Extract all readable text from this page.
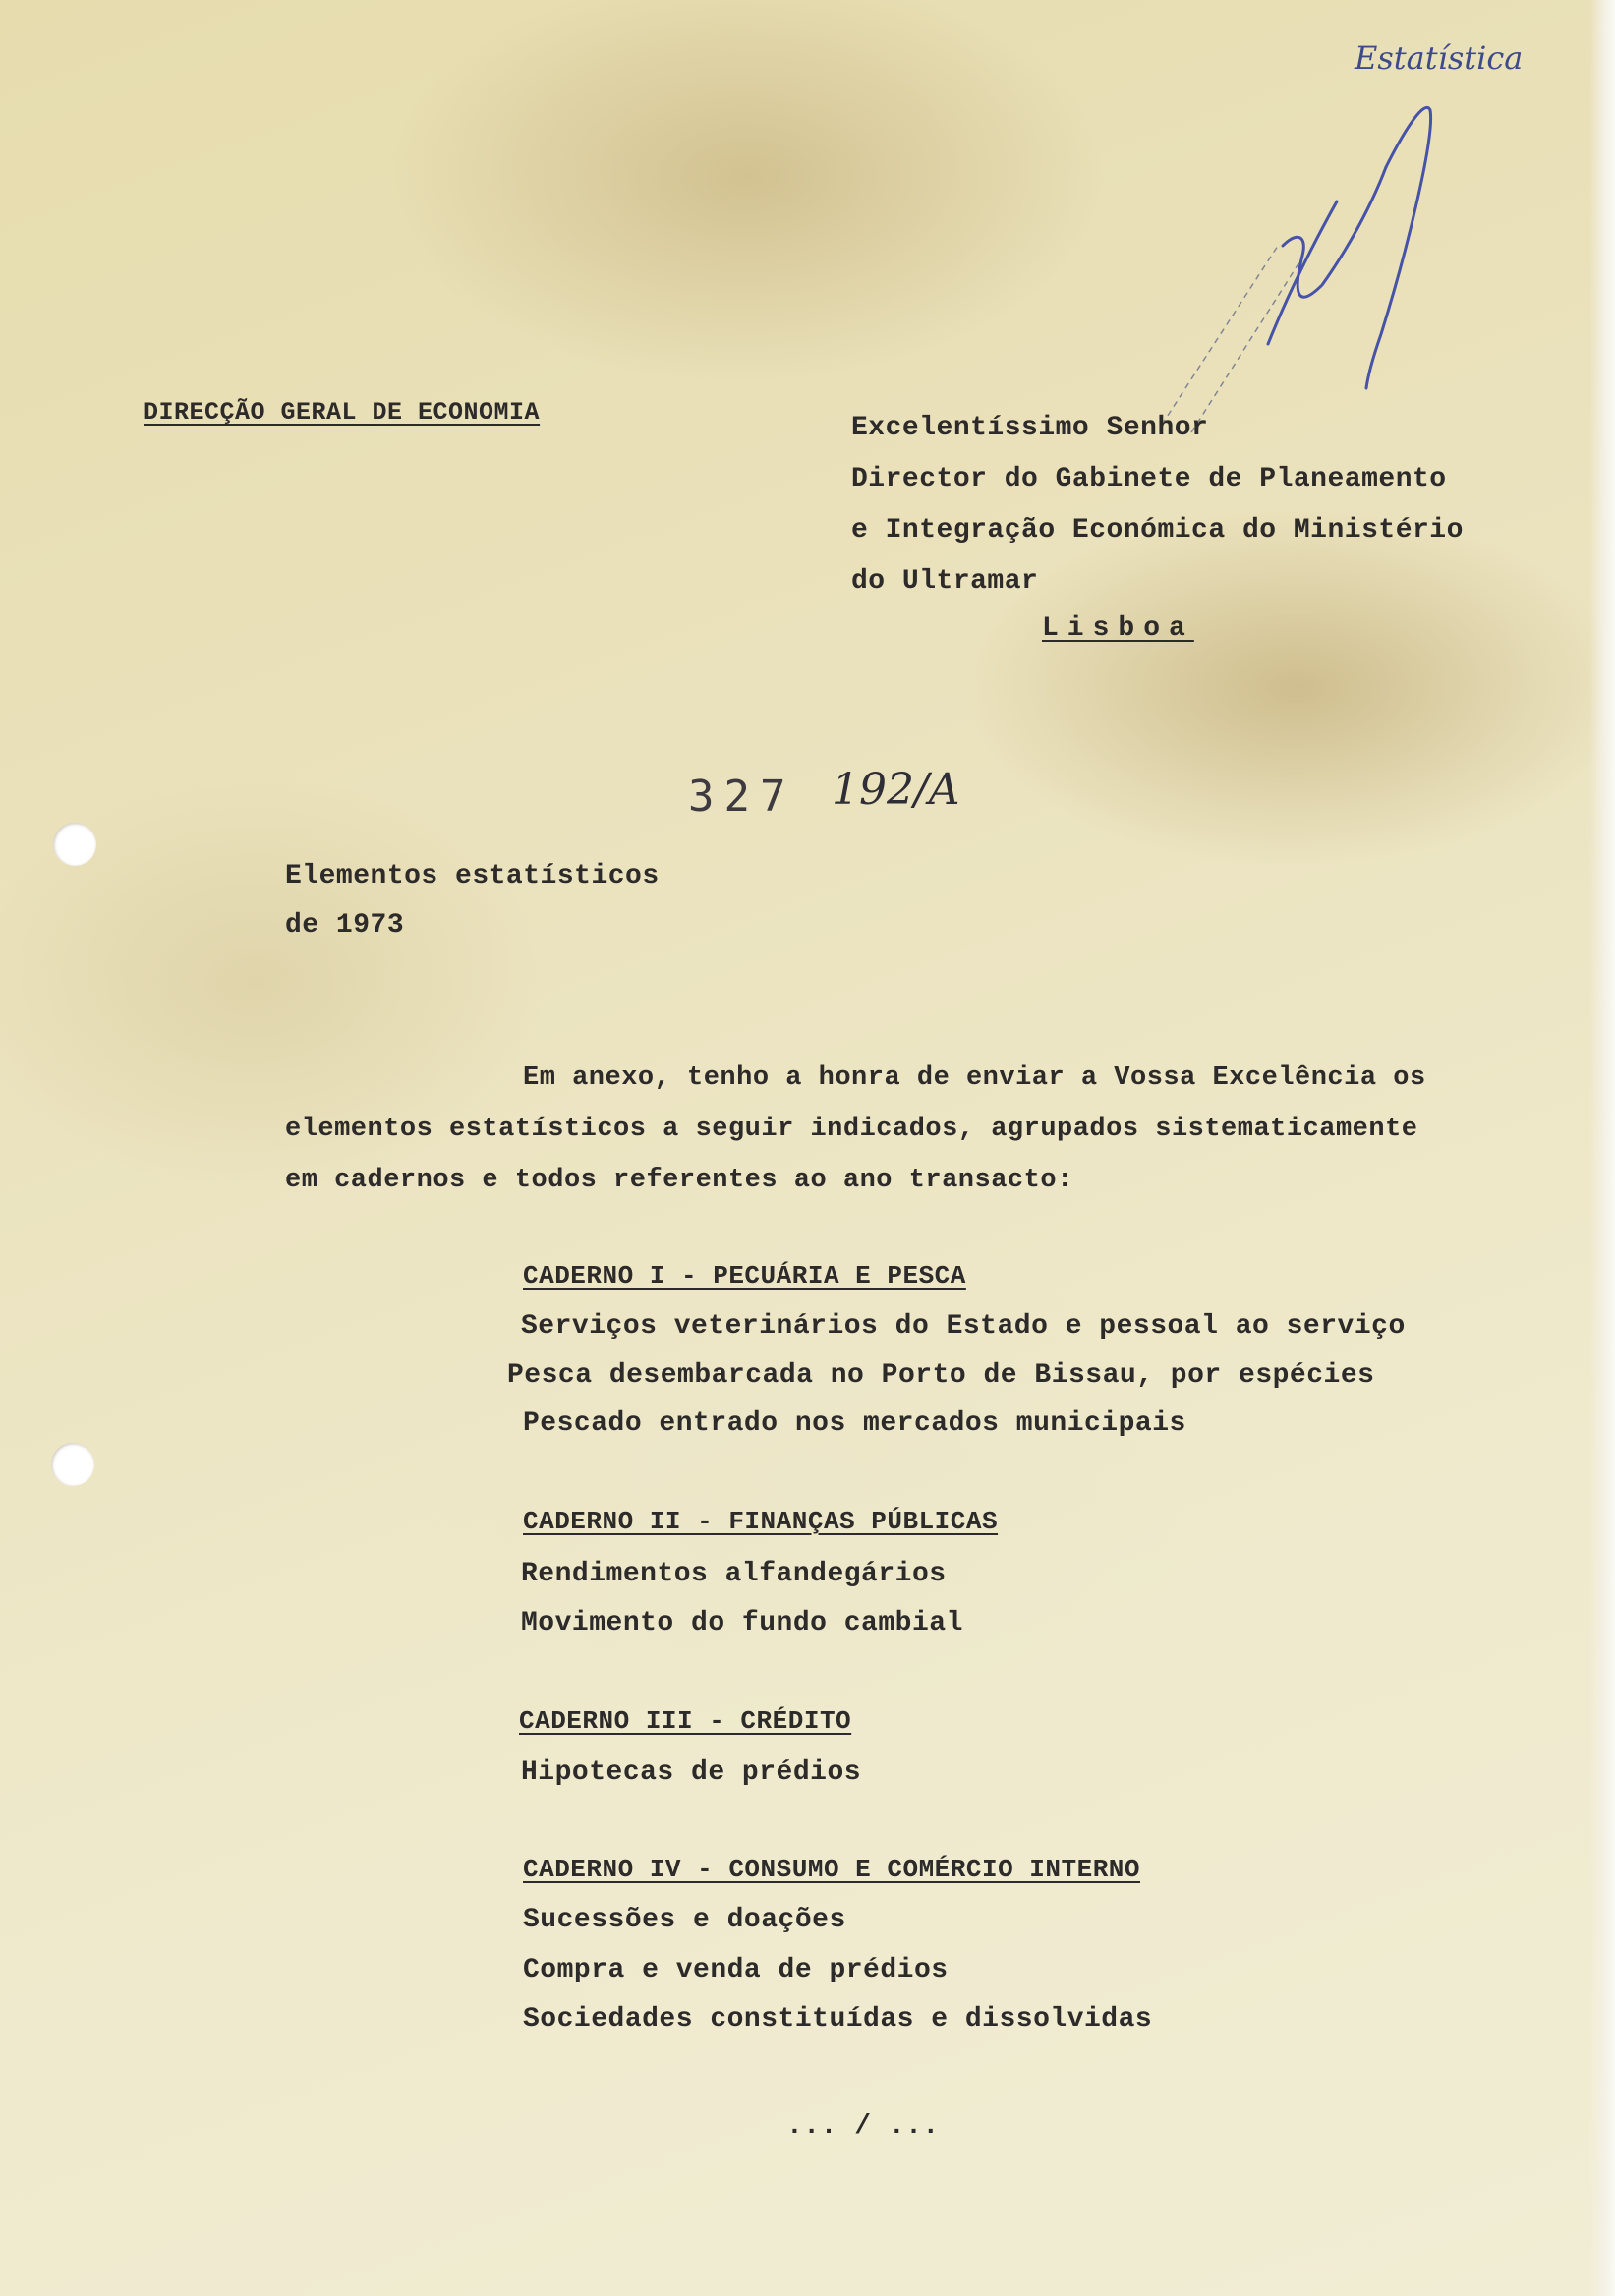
Estatística

DIRECÇÃO GERAL DE ECONOMIA

Excelentíssimo Senhor

Director do Gabinete de Planeamento

e Integração Económica do Ministério

do Ultramar

Lisboa

327 192/A

Elementos estatísticos

de 1973

Em anexo, tenho a honra de enviar a Vossa Excelência os

elementos estatísticos a seguir indicados, agrupados sistematicamente

em cadernos e todos referentes ao ano transacto:

CADERNO I - PECUÁRIA E PESCA

Serviços veterinários do Estado e pessoal ao serviço

Pesca desembarcada no Porto de Bissau, por espécies

Pescado entrado nos mercados municipais

CADERNO II - FINANÇAS PÚBLICAS

Rendimentos alfandegários

Movimento do fundo cambial

CADERNO III - CRÉDITO

Hipotecas de prédios

CADERNO IV - CONSUMO E COMÉRCIO INTERNO

Sucessões e doações

Compra e venda de prédios

Sociedades constituídas e dissolvidas

... / ...
